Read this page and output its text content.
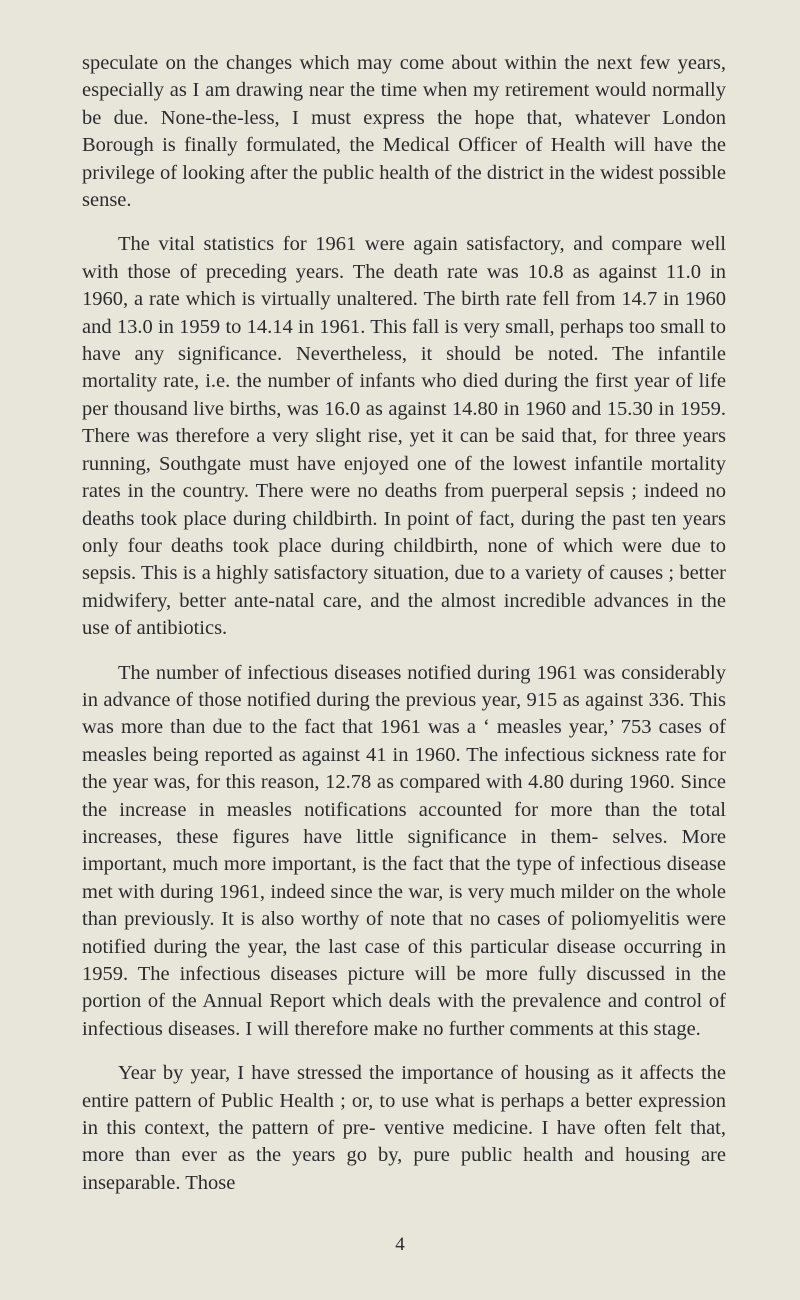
speculate on the changes which may come about within the next few years, especially as I am drawing near the time when my retirement would normally be due. None-the-less, I must express the hope that, whatever London Borough is finally formulated, the Medical Officer of Health will have the privilege of looking after the public health of the district in the widest possible sense.

The vital statistics for 1961 were again satisfactory, and compare well with those of preceding years. The death rate was 10.8 as against 11.0 in 1960, a rate which is virtually unaltered. The birth rate fell from 14.7 in 1960 and 13.0 in 1959 to 14.14 in 1961. This fall is very small, perhaps too small to have any significance. Nevertheless, it should be noted. The infantile mortality rate, i.e. the number of infants who died during the first year of life per thousand live births, was 16.0 as against 14.80 in 1960 and 15.30 in 1959. There was therefore a very slight rise, yet it can be said that, for three years running, Southgate must have enjoyed one of the lowest infantile mortality rates in the country. There were no deaths from puerperal sepsis ; indeed no deaths took place during childbirth. In point of fact, during the past ten years only four deaths took place during childbirth, none of which were due to sepsis. This is a highly satisfactory situation, due to a variety of causes ; better midwifery, better ante-natal care, and the almost incredible advances in the use of antibiotics.

The number of infectious diseases notified during 1961 was considerably in advance of those notified during the previous year, 915 as against 336. This was more than due to the fact that 1961 was a ‘ measles year,’ 753 cases of measles being reported as against 41 in 1960. The infectious sickness rate for the year was, for this reason, 12.78 as compared with 4.80 during 1960. Since the increase in measles notifications accounted for more than the total increases, these figures have little significance in them- selves. More important, much more important, is the fact that the type of infectious disease met with during 1961, indeed since the war, is very much milder on the whole than previously. It is also worthy of note that no cases of poliomyelitis were notified during the year, the last case of this particular disease occurring in 1959. The infectious diseases picture will be more fully discussed in the portion of the Annual Report which deals with the prevalence and control of infectious diseases. I will therefore make no further comments at this stage.

Year by year, I have stressed the importance of housing as it affects the entire pattern of Public Health ; or, to use what is perhaps a better expression in this context, the pattern of pre- ventive medicine. I have often felt that, more than ever as the years go by, pure public health and housing are inseparable. Those

4
